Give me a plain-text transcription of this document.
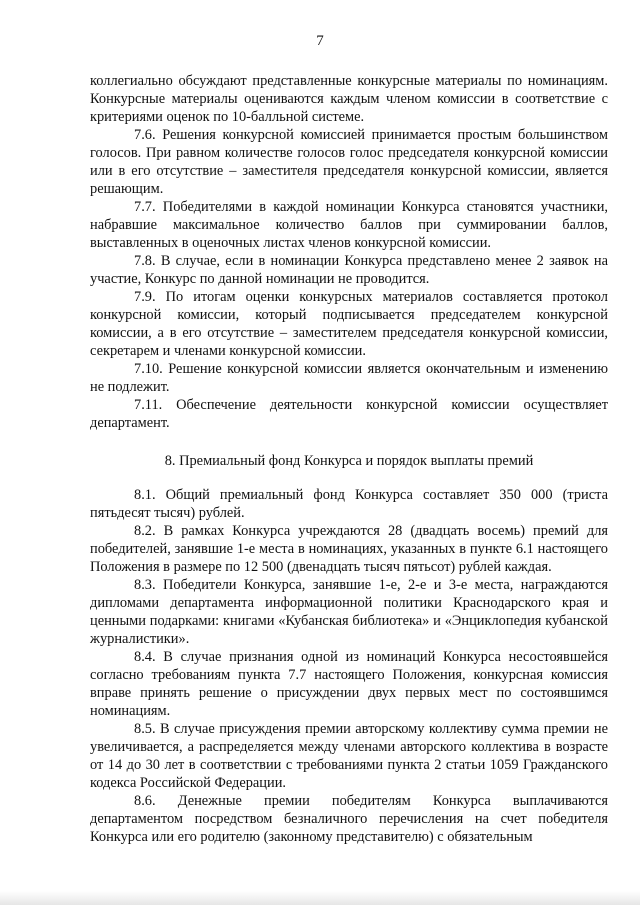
7

коллегиально обсуждают представленные конкурсные материалы по номинациям. Конкурсные материалы оцениваются каждым членом комиссии в соответствие с критериями оценок по 10-балльной системе.

7.6. Решения конкурсной комиссией принимается простым большинством голосов. При равном количестве голосов голос председателя конкурсной комиссии или в его отсутствие – заместителя председателя конкурсной комиссии, является решающим.

7.7. Победителями в каждой номинации Конкурса становятся участники, набравшие максимальное количество баллов при суммировании баллов, выставленных в оценочных листах членов конкурсной комиссии.

7.8. В случае, если в номинации Конкурса представлено менее 2 заявок на участие, Конкурс по данной номинации не проводится.

7.9. По итогам оценки конкурсных материалов составляется протокол конкурсной комиссии, который подписывается председателем конкурсной комиссии, а в его отсутствие – заместителем председателя конкурсной комиссии, секретарем и членами конкурсной комиссии.

7.10. Решение конкурсной комиссии является окончательным и изменению не подлежит.

7.11. Обеспечение деятельности конкурсной комиссии осуществляет департамент.

8. Премиальный фонд Конкурса и порядок выплаты премий

8.1. Общий премиальный фонд Конкурса составляет 350 000 (триста пятьдесят тысяч) рублей.

8.2. В рамках Конкурса учреждаются 28 (двадцать восемь) премий для победителей, занявшие 1-е места в номинациях, указанных в пункте 6.1 настоящего Положения в размере по 12 500 (двенадцать тысяч пятьсот) рублей каждая.

8.3. Победители Конкурса, занявшие 1-е, 2-е и 3-е места, награждаются дипломами департамента информационной политики Краснодарского края и ценными подарками: книгами «Кубанская библиотека» и «Энциклопедия кубанской журналистики».

8.4. В случае признания одной из номинаций Конкурса несостоявшейся согласно требованиям пункта 7.7 настоящего Положения, конкурсная комиссия вправе принять решение о присуждении двух первых мест по состоявшимся номинациям.

8.5. В случае присуждения премии авторскому коллективу сумма премии не увеличивается, а распределяется между членами авторского коллектива в возрасте от 14 до 30 лет в соответствии с требованиями пункта 2 статьи 1059 Гражданского кодекса Российской Федерации.

8.6. Денежные премии победителям Конкурса выплачиваются департаментом посредством безналичного перечисления на счет победителя Конкурса или его родителю (законному представителю) с обязательным
